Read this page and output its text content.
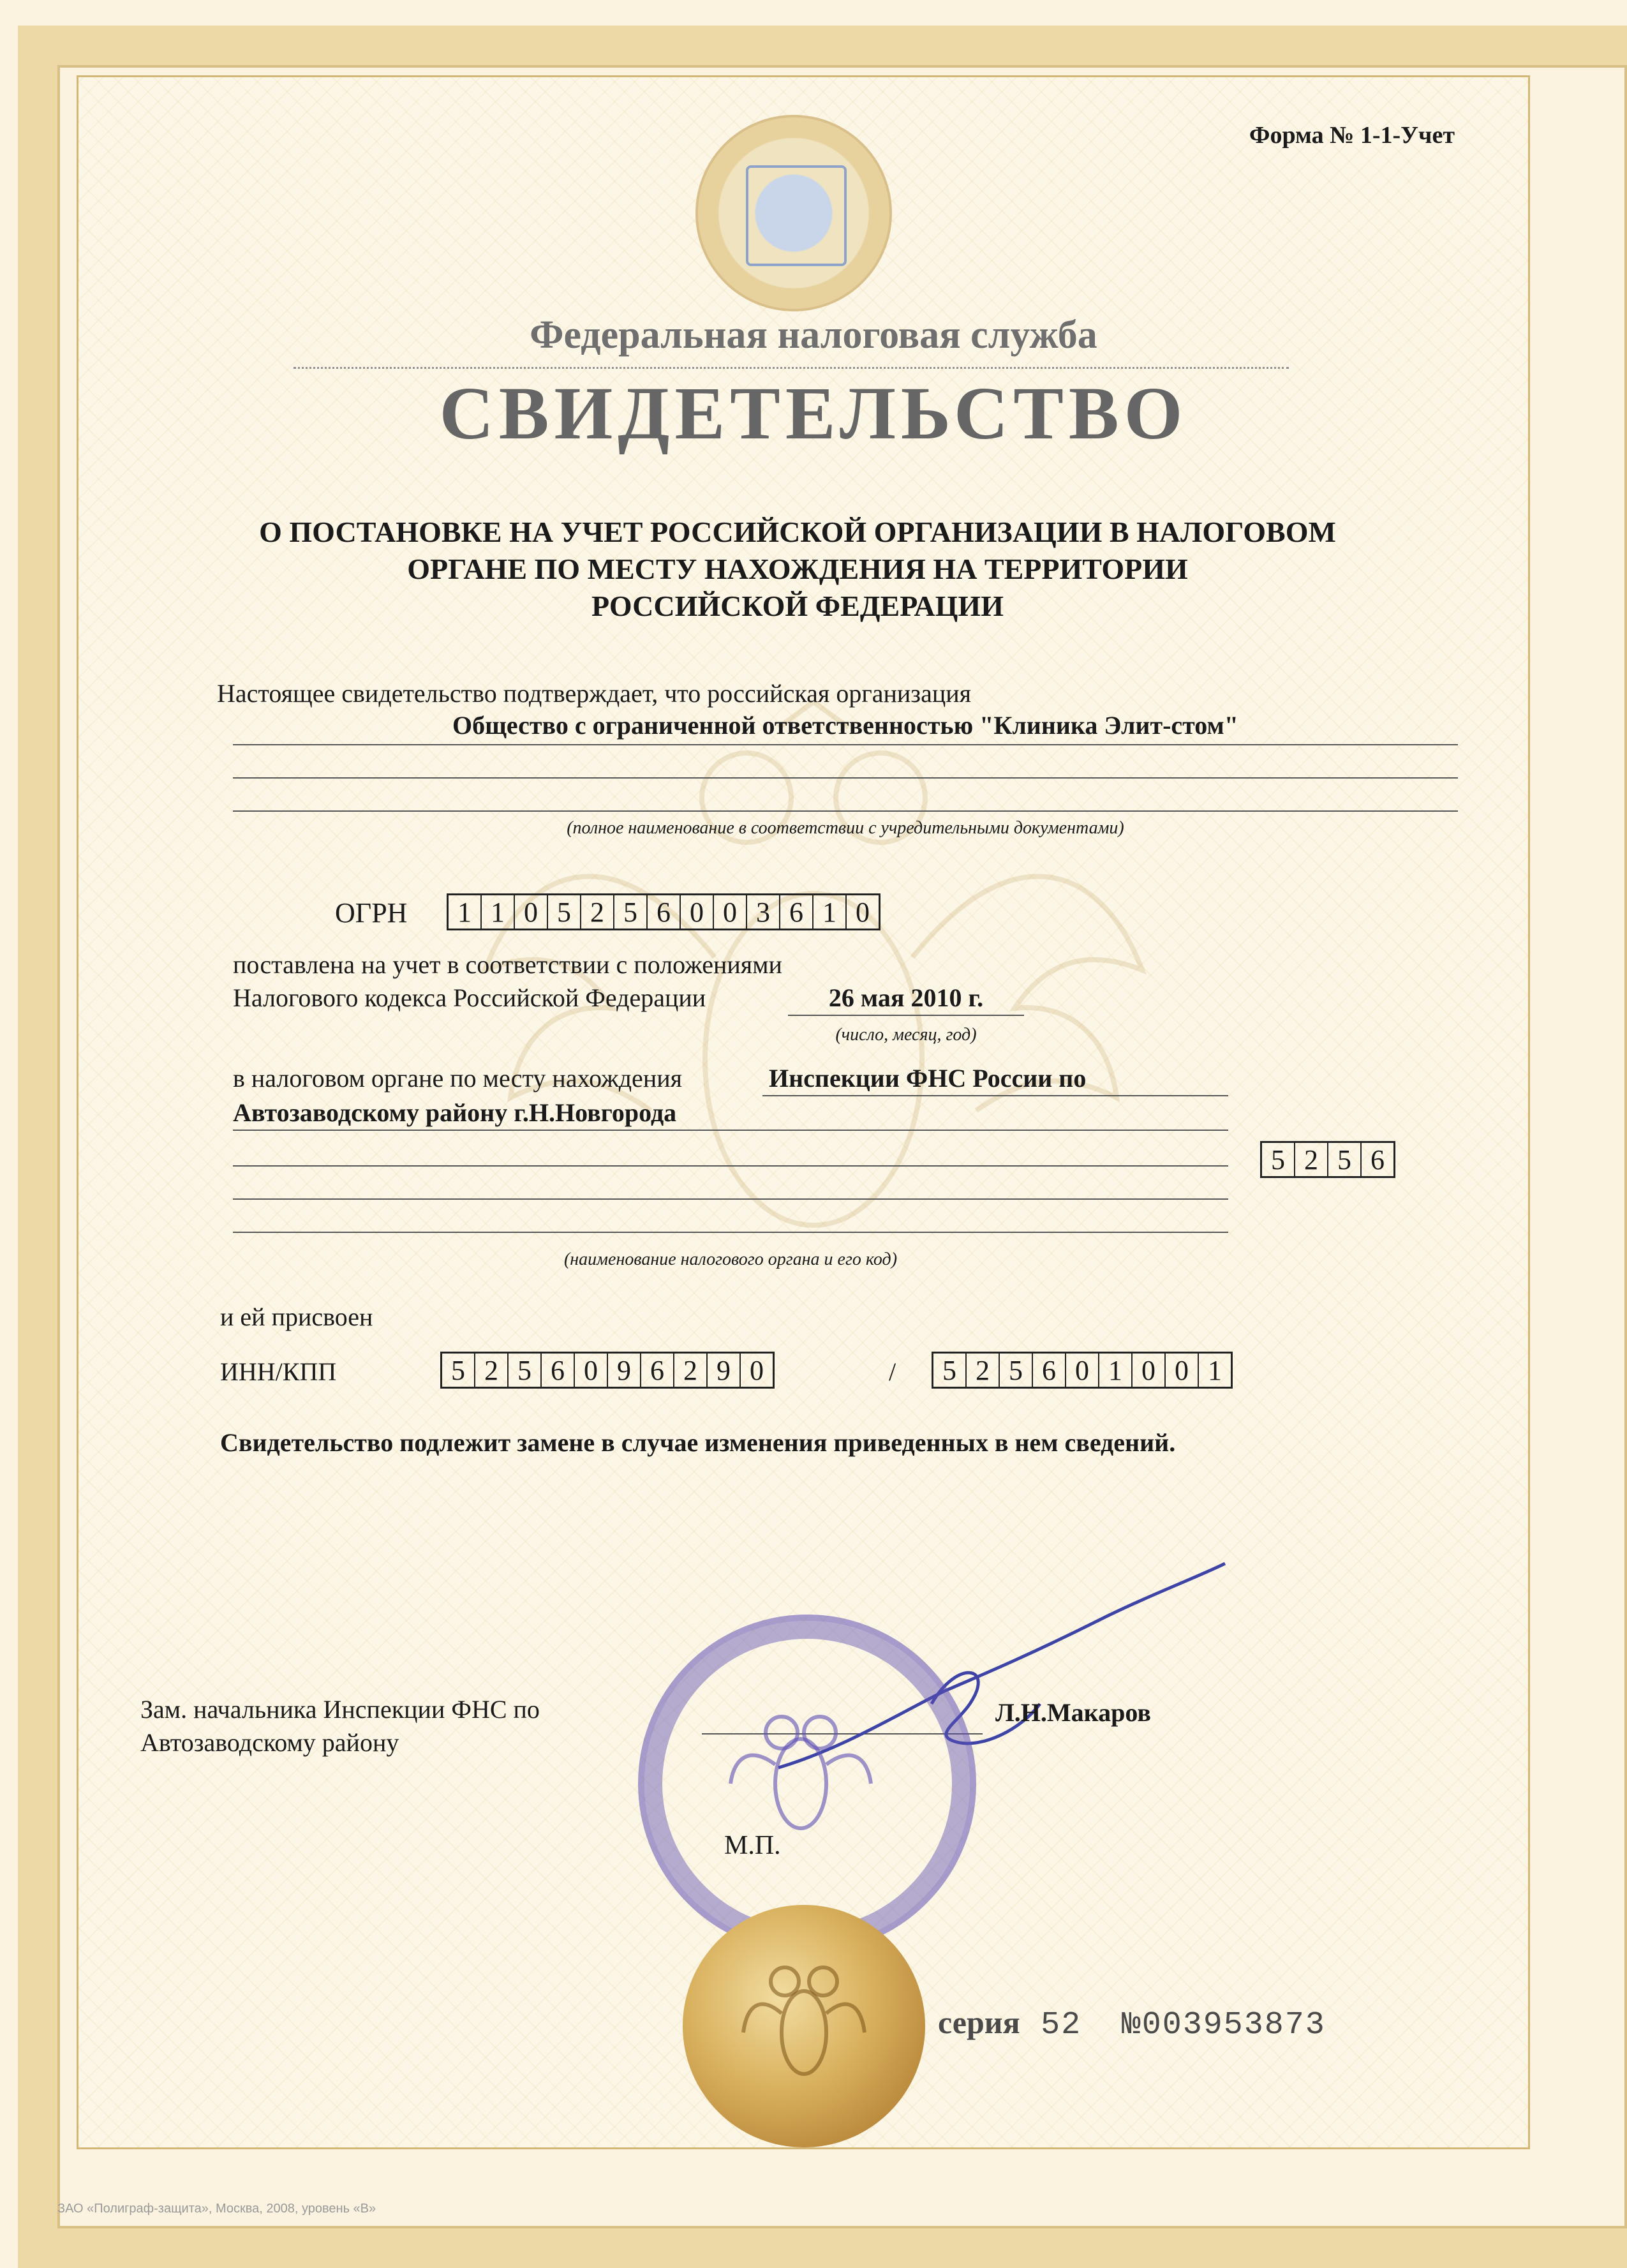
Форма № 1-1-Учет
Федеральная налоговая служба
СВИДЕТЕЛЬСТВО
О ПОСТАНОВКЕ НА УЧЕТ РОССИЙСКОЙ ОРГАНИЗАЦИИ В НАЛОГОВОМ
ОРГАНЕ ПО МЕСТУ НАХОЖДЕНИЯ НА ТЕРРИТОРИИ
РОССИЙСКОЙ ФЕДЕРАЦИИ
Настоящее свидетельство подтверждает, что российская организация
Общество с ограниченной ответственностью "Клиника Элит-стом"
(полное наименование в соответствии с учредительными документами)
ОГРН	1 1 0 5 2 5 6 0 0 3 6 1 0
поставлена на учет в соответствии с положениями
Налогового кодекса Российской Федерации	26 мая 2010 г.
(число, месяц, год)
в налоговом органе по месту нахождения	Инспекции ФНС России по
Автозаводскому району г.Н.Новгорода
5 2 5 6
(наименование налогового органа и его код)
и ей присвоен
ИНН/КПП	5 2 5 6 0 9 6 2 9 0	/	5 2 5 6 0 1 0 0 1
Свидетельство подлежит замене в случае изменения приведенных в нем сведений.
Зам. начальника Инспекции ФНС по
Автозаводскому району
Л.Н.Макаров
М.П.
серия 52 №003953873
ЗАО «Полиграф-защита», Москва, 2008, уровень «В»
